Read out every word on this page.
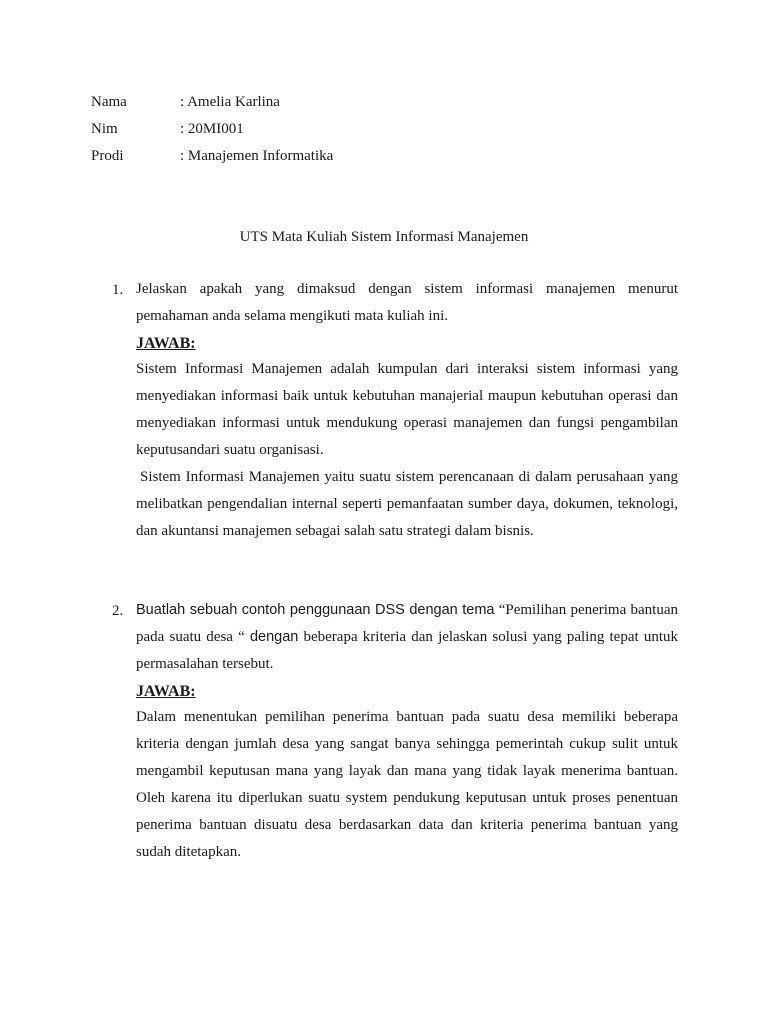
Nama	: Amelia Karlina
Nim	: 20MI001
Prodi	: Manajemen Informatika
UTS Mata Kuliah Sistem Informasi Manajemen
1. Jelaskan apakah yang dimaksud dengan sistem informasi manajemen menurut pemahaman anda selama mengikuti mata kuliah ini.

JAWAB:

Sistem Informasi Manajemen adalah kumpulan dari interaksi sistem informasi yang menyediakan informasi baik untuk kebutuhan manajerial maupun kebutuhan operasi dan menyediakan informasi untuk mendukung operasi manajemen dan fungsi pengambilan keputusandari suatu organisasi.

Sistem Informasi Manajemen yaitu suatu sistem perencanaan di dalam perusahaan yang melibatkan pengendalian internal seperti pemanfaatan sumber daya, dokumen, teknologi, dan akuntansi manajemen sebagai salah satu strategi dalam bisnis.

2. Buatlah sebuah contoh penggunaan DSS dengan tema “Pemilihan penerima bantuan pada suatu desa “ dengan beberapa kriteria dan jelaskan solusi yang paling tepat untuk permasalahan tersebut.

JAWAB:

Dalam menentukan pemilihan penerima bantuan pada suatu desa memiliki beberapa kriteria dengan jumlah desa yang sangat banya sehingga pemerintah cukup sulit untuk mengambil keputusan mana yang layak dan mana yang tidak layak menerima bantuan. Oleh karena itu diperlukan suatu system pendukung keputusan untuk proses penentuan penerima bantuan disuatu desa berdasarkan data dan kriteria penerima bantuan yang sudah ditetapkan.
